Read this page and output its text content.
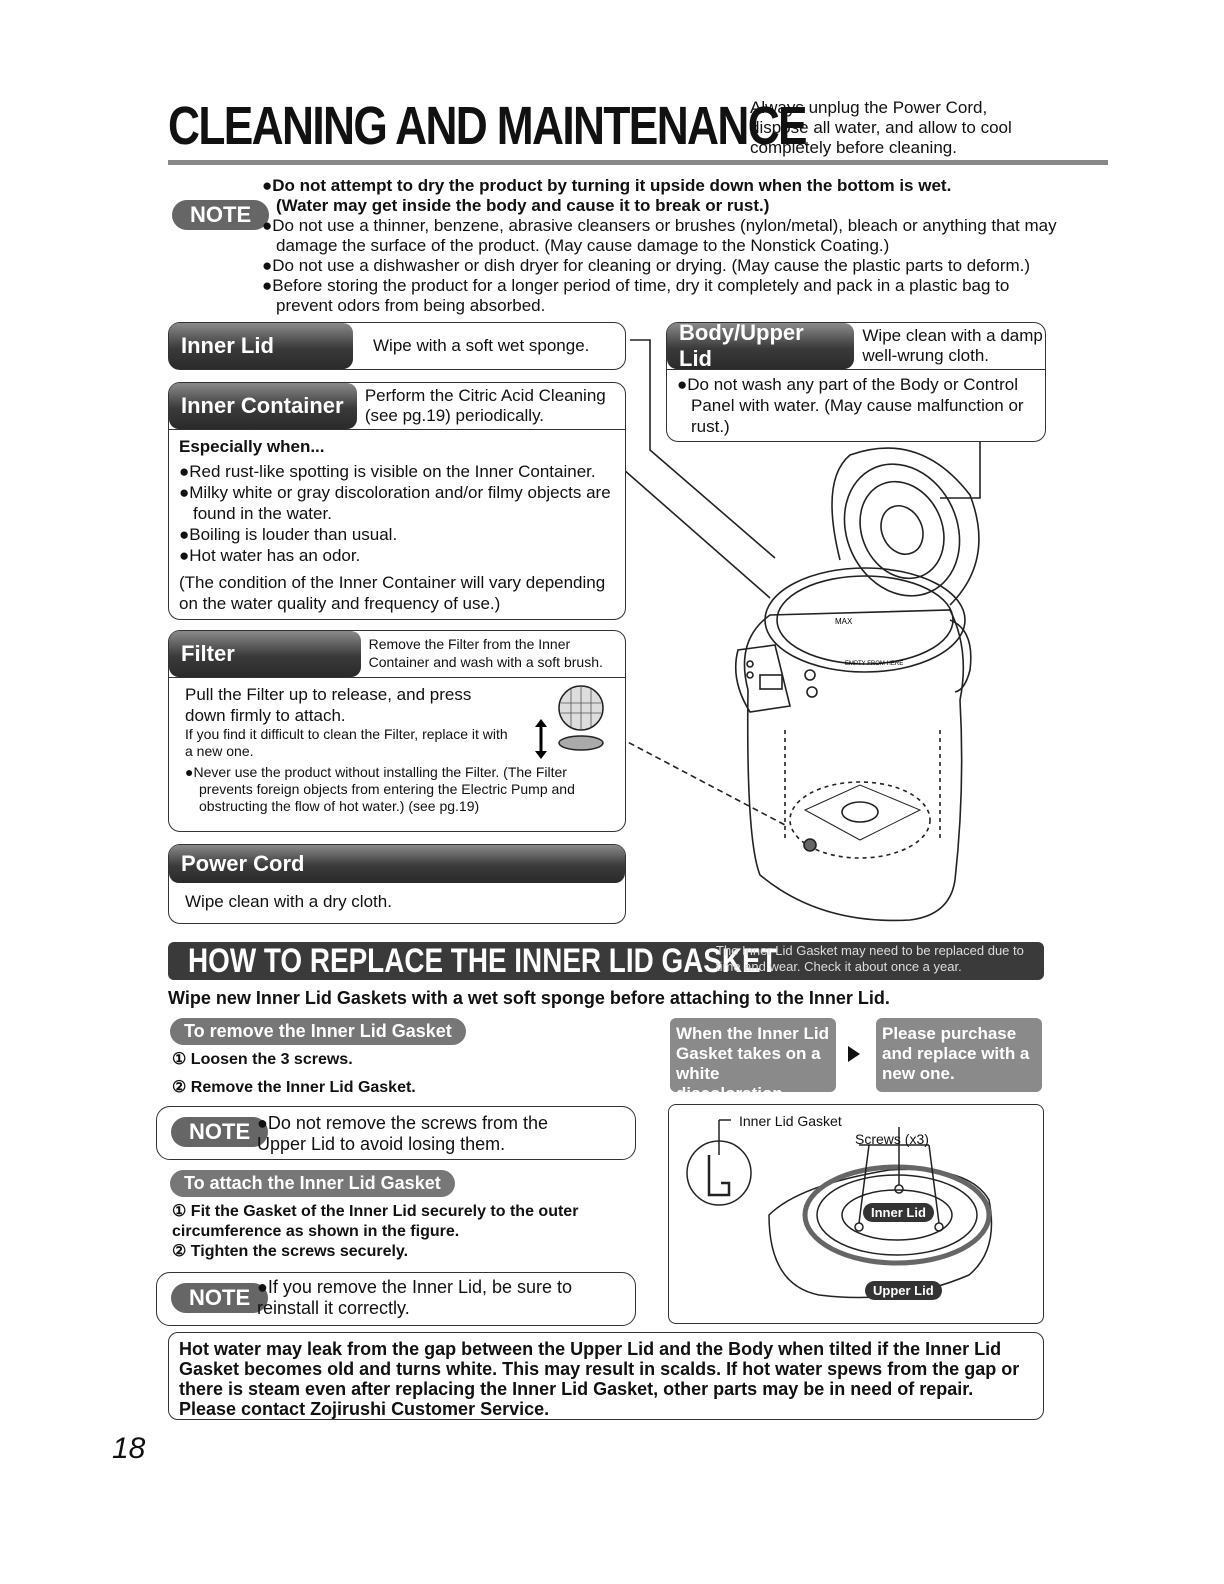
CLEANING AND MAINTENANCE
Always unplug the Power Cord, dispose all water, and allow to cool completely before cleaning.
NOTE

●Do not attempt to dry the product by turning it upside down when the bottom is wet.

(Water may get inside the body and cause it to break or rust.)

●Do not use a thinner, benzene, abrasive cleansers or brushes (nylon/metal), bleach or anything that may damage the surface of the product. (May cause damage to the Nonstick Coating.)

●Do not use a dishwasher or dish dryer for cleaning or drying. (May cause the plastic parts to deform.)

●Before storing the product for a longer period of time, dry it completely and pack in a plastic bag to prevent odors from being absorbed.

MAX
EMPTY FROM HERE
Inner Lid	Wipe with a soft wet sponge.
Inner Container	Perform the Citric Acid Cleaning (see pg.19) periodically.

Especially when...

●Red rust-like spotting is visible on the Inner Container.

●Milky white or gray discoloration and/or filmy objects are found in the water.

●Boiling is louder than usual.

●Hot water has an odor.

(The condition of the Inner Container will vary depending on the water quality and frequency of use.)

Filter	Remove the Filter from the Inner Container and wash with a soft brush.
Pull the Filter up to release, and press down firmly to attach.
If you find it difficult to clean the Filter, replace it with a new one.

●Never use the product without installing the Filter. (The Filter prevents foreign objects from entering the Electric Pump and obstructing the flow of hot water.) (see pg.19)

Power Cord
Wipe clean with a dry cloth.
Body/Upper Lid
Wipe clean with a damp well-wrung cloth.

●Do not wash any part of the Body or Control Panel with water. (May cause malfunction or rust.)

HOW TO REPLACE THE INNER LID GASKET
The Inner Lid Gasket may need to be replaced due to time and wear. Check it about once a year.
Wipe new Inner Lid Gaskets with a wet soft sponge before attaching to the Inner Lid.
To remove the Inner Lid Gasket
① Loosen the 3 screws.
② Remove the Inner Lid Gasket.
NOTE ●Do not remove the screws from the Upper Lid to avoid losing them.
To attach the Inner Lid Gasket
① Fit the Gasket of the Inner Lid securely to the outer circumference as shown in the figure.
② Tighten the screws securely.
NOTE ●If you remove the Inner Lid, be sure to reinstall it correctly.
When the Inner Lid Gasket takes on a white discoloration.
Please purchase and replace with a new one.
Inner Lid Gasket
Screws (x3)
Inner Lid
Upper Lid
Hot water may leak from the gap between the Upper Lid and the Body when tilted if the Inner Lid Gasket becomes old and turns white. This may result in scalds. If hot water spews from the gap or there is steam even after replacing the Inner Lid Gasket, other parts may be in need of repair. Please contact Zojirushi Customer Service.
18
